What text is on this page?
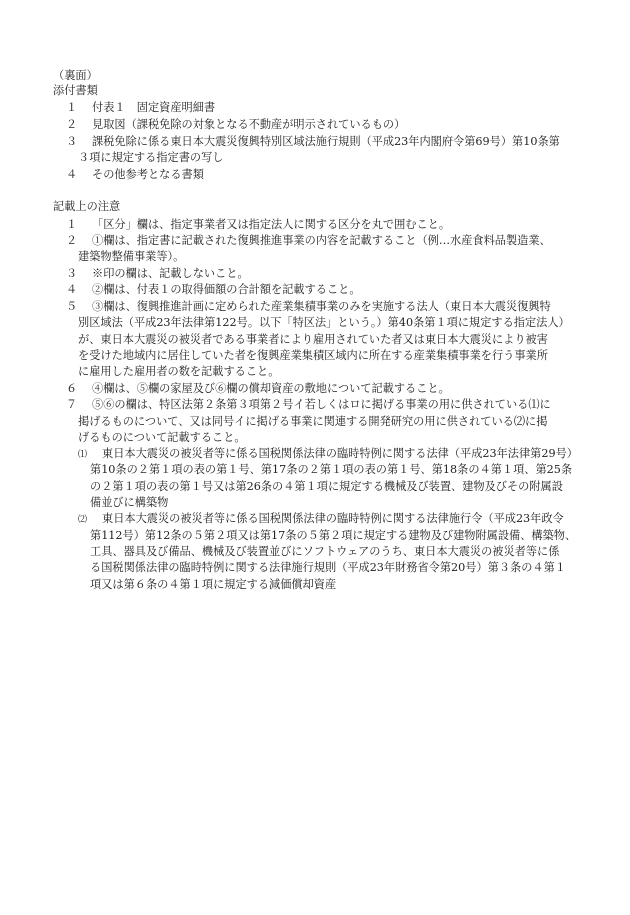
（裏面）
添付書類
１ 付表１　固定資産明細書
２ 見取図（課税免除の対象となる不動産が明示されているもの）
３ 課税免除に係る東日本大震災復興特別区域法施行規則（平成23年内閣府令第69号）第10条第
３項に規定する指定書の写し
４ その他参考となる書類
記載上の注意
１ 「区分」欄は、指定事業者又は指定法人に関する区分を丸で囲むこと。
２ ①欄は、指定書に記載された復興推進事業の内容を記載すること（例…水産食料品製造業、
建築物整備事業等）。
３ ※印の欄は、記載しないこと。
４ ②欄は、付表１の取得価額の合計額を記載すること。
５ ③欄は、復興推進計画に定められた産業集積事業のみを実施する法人（東日本大震災復興特
別区域法（平成23年法律第122号。以下「特区法」という。）第40条第１項に規定する指定法人）
が、東日本大震災の被災者である事業者により雇用されていた者又は東日本大震災により被害
を受けた地域内に居住していた者を復興産業集積区域内に所在する産業集積事業を行う事業所
に雇用した雇用者の数を記載すること。
６ ④欄は、⑤欄の家屋及び⑥欄の償却資産の敷地について記載すること。
７ ⑤⑥の欄は、特区法第２条第３項第２号イ若しくはロに掲げる事業の用に供されている⑴に
掲げるものについて、又は同号イに掲げる事業に関連する開発研究の用に供されている⑵に掲
げるものについて記載すること。
⑴ 東日本大震災の被災者等に係る国税関係法律の臨時特例に関する法律（平成23年法律第29号）
第10条の２第１項の表の第１号、第17条の２第１項の表の第１号、第18条の４第１項、第25条
の２第１項の表の第１号又は第26条の４第１項に規定する機械及び装置、建物及びその附属設
備並びに構築物
⑵ 東日本大震災の被災者等に係る国税関係法律の臨時特例に関する法律施行令（平成23年政令
第112号）第12条の５第２項又は第17条の５第２項に規定する建物及び建物附属設備、構築物、
工具、器具及び備品、機械及び装置並びにソフトウェアのうち、東日本大震災の被災者等に係
る国税関係法律の臨時特例に関する法律施行規則（平成23年財務省令第20号）第３条の４第１
項又は第６条の４第１項に規定する減価償却資産
